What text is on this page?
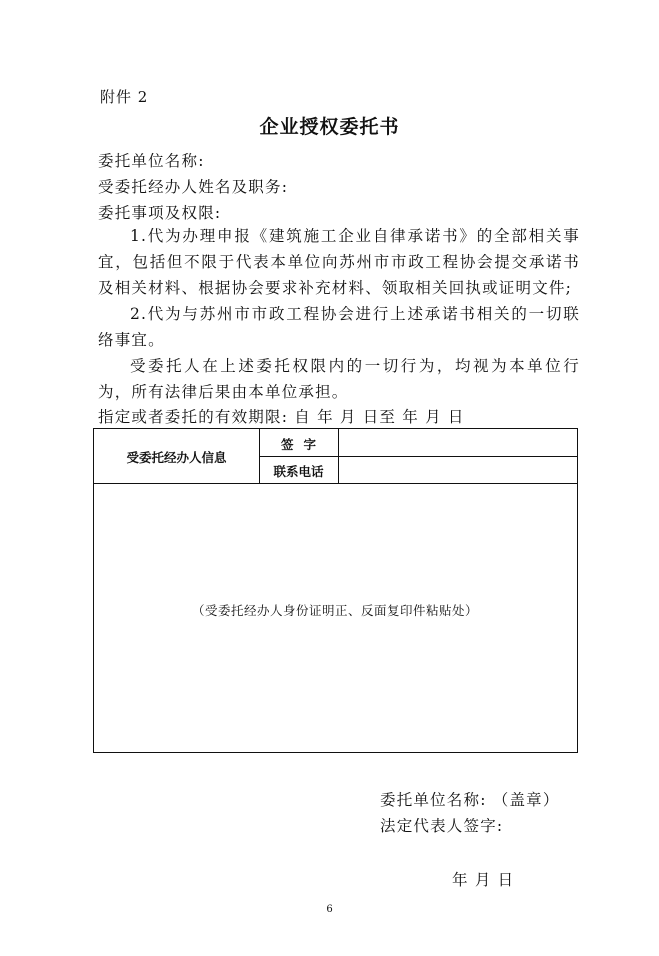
附件 2
企业授权委托书
委托单位名称:
受委托经办人姓名及职务:
委托事项及权限:
1.代为办理申报《建筑施工企业自律承诺书》的全部相关事宜，包括但不限于代表本单位向苏州市市政工程协会提交承诺书及相关材料、根据协会要求补充材料、领取相关回执或证明文件;
2.代为与苏州市市政工程协会进行上述承诺书相关的一切联络事宜。
受委托人在上述委托权限内的一切行为，均视为本单位行为，所有法律后果由本单位承担。
指定或者委托的有效期限: 自 年 月 日至 年 月 日
受委托经办人信息
签字
联系电话
（受委托经办人身份证明正、反面复印件粘贴处）
委托单位名称: （盖章）
法定代表人签字:
年 月 日
6
